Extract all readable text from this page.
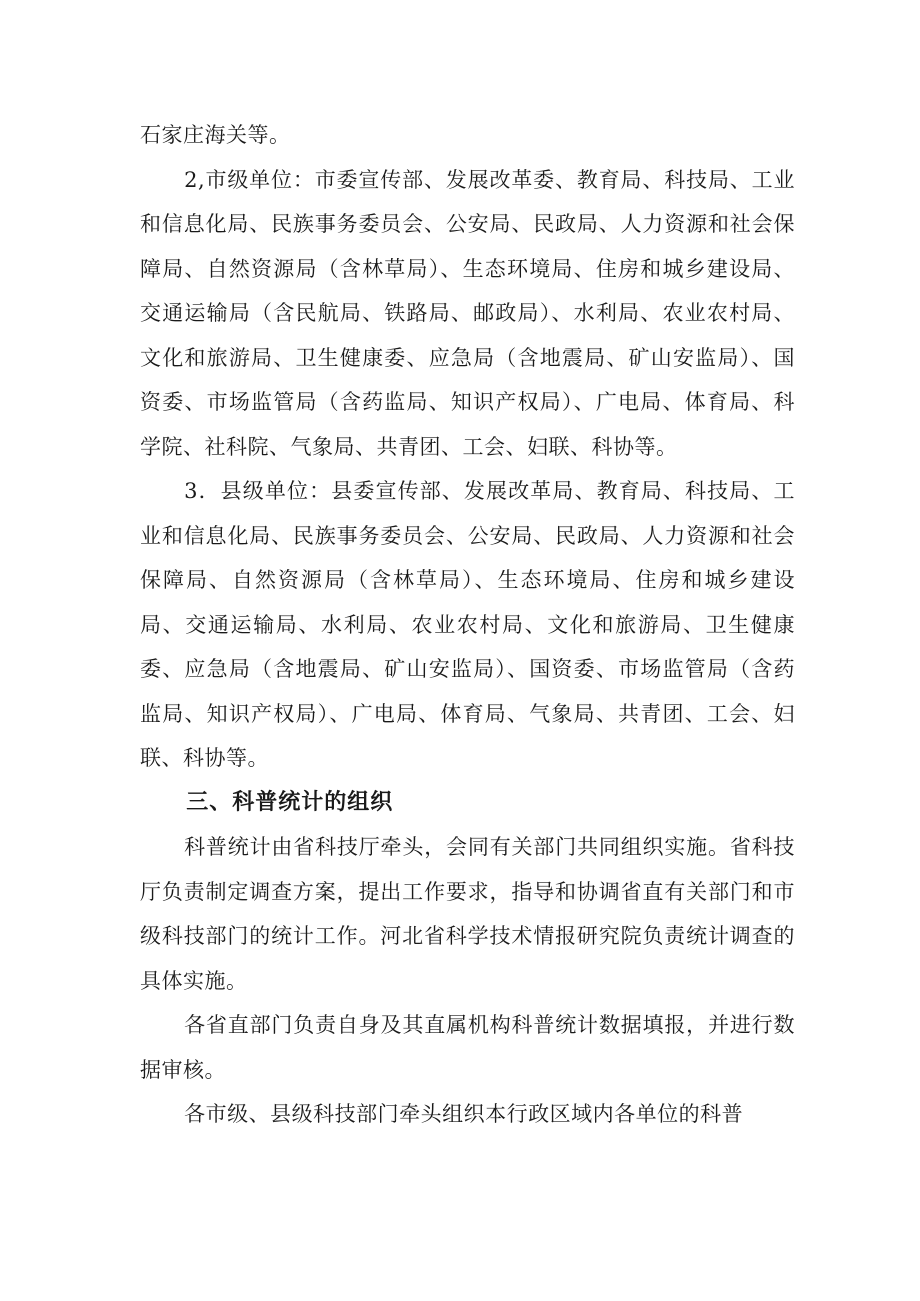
石家庄海关等。

2,市级单位：市委宣传部、发展改革委、教育局、科技局、工业和信息化局、民族事务委员会、公安局、民政局、人力资源和社会保障局、自然资源局（含林草局）、生态环境局、住房和城乡建设局、交通运输局（含民航局、铁路局、邮政局）、水利局、农业农村局、文化和旅游局、卫生健康委、应急局（含地震局、矿山安监局）、国资委、市场监管局（含药监局、知识产权局）、广电局、体育局、科学院、社科院、气象局、共青团、工会、妇联、科协等。

3．县级单位：县委宣传部、发展改革局、教育局、科技局、工业和信息化局、民族事务委员会、公安局、民政局、人力资源和社会保障局、自然资源局（含林草局）、生态环境局、住房和城乡建设局、交通运输局、水利局、农业农村局、文化和旅游局、卫生健康委、应急局（含地震局、矿山安监局）、国资委、市场监管局（含药监局、知识产权局）、广电局、体育局、气象局、共青团、工会、妇联、科协等。

三、科普统计的组织

科普统计由省科技厅牵头，会同有关部门共同组织实施。省科技厅负责制定调查方案，提出工作要求，指导和协调省直有关部门和市级科技部门的统计工作。河北省科学技术情报研究院负责统计调查的具体实施。

各省直部门负责自身及其直属机构科普统计数据填报，并进行数据审核。

各市级、县级科技部门牵头组织本行政区域内各单位的科普
